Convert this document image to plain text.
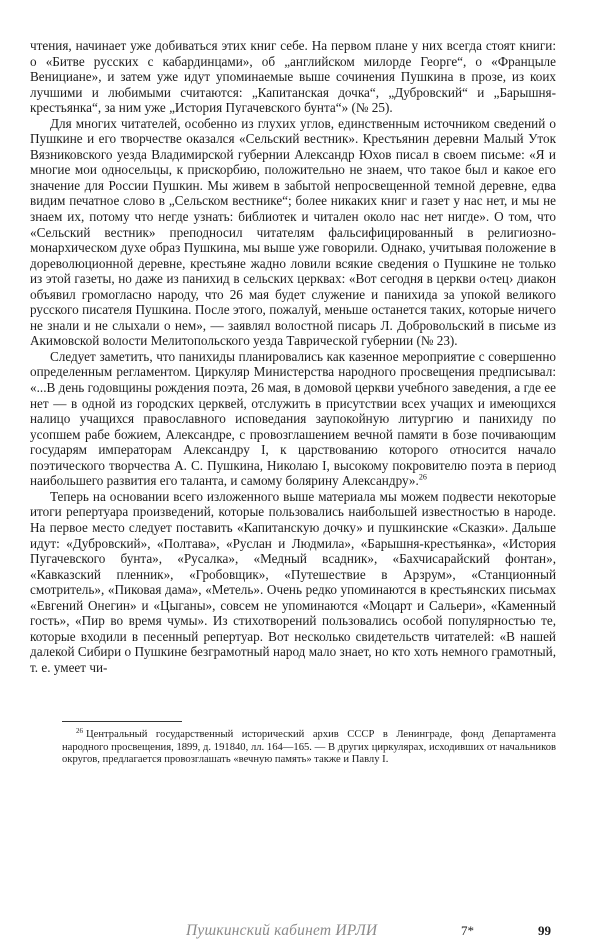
чтения, начинает уже добиваться этих книг себе. На первом плане у них всегда стоят книги: о «Битве русских с кабардинцами», об „английском милорде Георге“, о «Францыле Венициане», и затем уже идут упоминаемые выше сочинения Пушкина в прозе, из коих лучшими и любимыми считаются: „Капитанская дочка“, „Дубровский“ и „Барышня-крестьянка“, за ним уже „История Пугачевского бунта“» (№ 25).

Для многих читателей, особенно из глухих углов, единственным источником сведений о Пушкине и его творчестве оказался «Сельский вестник». Крестьянин деревни Малый Уток Вязниковского уезда Владимирской губернии Александр Юхов писал в своем письме: «Я и многие мои односельцы, к прискорбию, положительно не знаем, что такое был и какое его значение для России Пушкин. Мы живем в забытой непросвещенной темной деревне, едва видим печатное слово в „Сельском вестнике“; более никаких книг и газет у нас нет, и мы не знаем их, потому что негде узнать: библиотек и читален около нас нет нигде». О том, что «Сельский вестник» преподносил читателям фальсифицированный в религиозно-монархическом духе образ Пушкина, мы выше уже говорили. Однако, учитывая положение в дореволюционной деревне, крестьяне жадно ловили всякие сведения о Пушкине не только из этой газеты, но даже из панихид в сельских церквах: «Вот сегодня в церкви о‹тец› диакон объявил громогласно народу, что 26 мая будет служение и панихида за упокой великого русского писателя Пушкина. После этого, пожалуй, меньше останется таких, которые ничего не знали и не слыхали о нем», — заявлял волостной писарь Л. Добровольский в письме из Акимовской волости Мелитопольского уезда Таврической губернии (№ 23).

Следует заметить, что панихиды планировались как казенное мероприятие с совершенно определенным регламентом. Циркуляр Министерства народного просвещения предписывал: «...В день годовщины рождения поэта, 26 мая, в домовой церкви учебного заведения, а где ее нет — в одной из городских церквей, отслужить в присутствии всех учащих и имеющихся налицо учащихся православного исповедания заупокойную литургию и панихиду по усопшем рабе божием, Александре, с провозглашением вечной памяти в бозе почивающим государям императорам Александру I, к царствованию которого относится начало поэтического творчества А. С. Пушкина, Николаю I, высокому покровителю поэта в период наибольшего развития его таланта, и самому болярину Александру».$^{26}$

Теперь на основании всего изложенного выше материала мы можем подвести некоторые итоги репертуара произведений, которые пользовались наибольшей известностью в народе. На первое место следует поставить «Капитанскую дочку» и пушкинские «Сказки». Дальше идут: «Дубровский», «Полтава», «Руслан и Людмила», «Барышня-крестьянка», «История Пугачевского бунта», «Русалка», «Медный всадник», «Бахчисарайский фонтан», «Кавказский пленник», «Гробовщик», «Путешествие в Арзрум», «Станционный смотритель», «Пиковая дама», «Метель». Очень редко упоминаются в крестьянских письмах «Евгений Онегин» и «Цыганы», совсем не упоминаются «Моцарт и Сальери», «Каменный гость», «Пир во время чумы». Из стихотворений пользовались особой популярностью те, которые входили в песенный репертуар. Вот несколько свидетельств читателей: «В нашей далекой Сибири о Пушкине безграмотный народ мало знает, но кто хоть немного грамотный, т. е. умеет чи-

$^{26}$ Центральный государственный исторический архив СССР в Ленинграде, фонд Департамента народного просвещения, 1899, д. 191840, лл. 164—165. — В других циркулярах, исходивших от начальников округов, предлагается провозглашать «вечную память» также и Павлу I.
Пушкинский кабинет ИРЛИ	7*	99
